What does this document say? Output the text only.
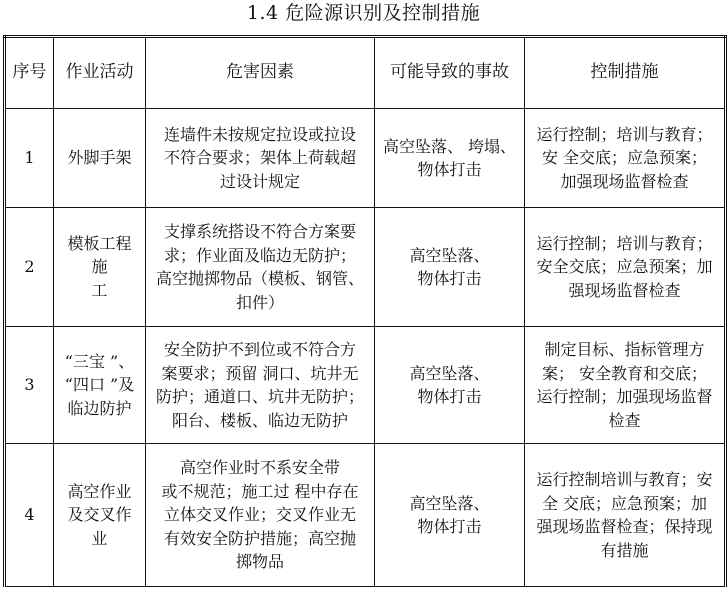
1.4 危险源识别及控制措施
序号	作业活动	危害因素	可能导致的事故	控制措施
1	外脚手架	连墙件未按规定拉设或拉设
不符合要求；架体上荷载超
过设计规定	高空坠落、 垮塌、
物体打击	运行控制；培训与教育；
安 全交底；应急预案；
加强现场监督检查

2	模板工程
施
工	支撑系统搭设不符合方案要
求；作业面及临边无防护；
高空抛掷物品（模板、钢管、
扣件）	高空坠落、
物体打击	运行控制；培训与教育；
安全交底；应急预案；加
强现场监督检查

3	“三宝 ”、
“四口 ”及
临边防护	安全防护不到位或不符合方
案要求；预留 洞口、坑井无
防护；通道口、坑井无防护；
阳台、楼板、临边无防护	高空坠落、
物体打击	制定目标、指标管理方
案； 安全教育和交底；
运行控制；加强现场监督
检查

4	高空作业
及交叉作
业	高空作业时不系安全带
或不规范；施工过 程中存在
立体交叉作业；交叉作业无
有效安全防护措施；高空抛
掷物品	高空坠落、
物体打击	运行控制培训与教育；安
全 交底；应急预案；加
强现场监督检查；保持现
有措施
